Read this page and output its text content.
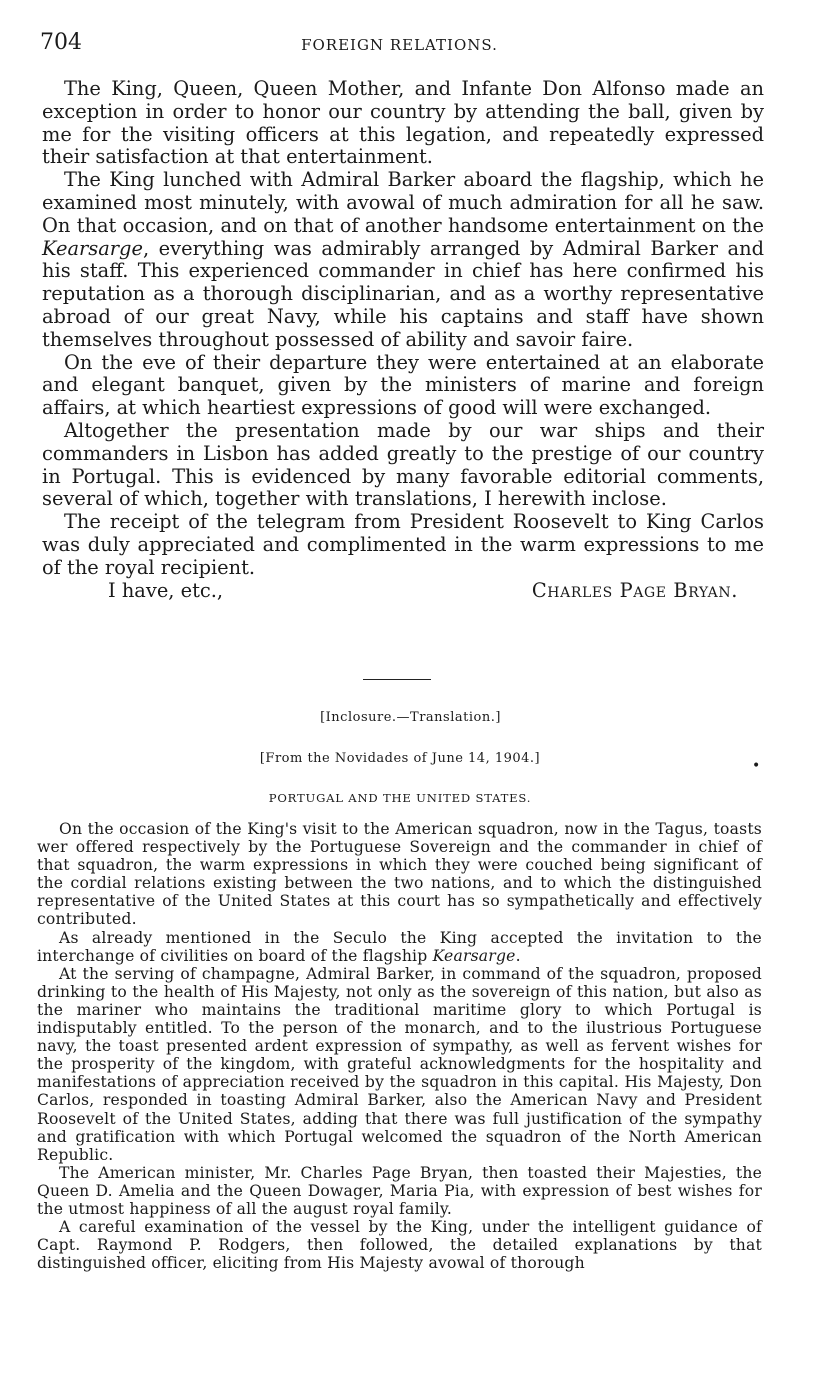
704	FOREIGN RELATIONS.

The King, Queen, Queen Mother, and Infante Don Alfonso made an exception in order to honor our country by attending the ball, given by me for the visiting officers at this legation, and repeatedly expressed their satisfaction at that entertainment.

The King lunched with Admiral Barker aboard the flagship, which he examined most minutely, with avowal of much admiration for all he saw. On that occasion, and on that of another handsome entertainment on the Kearsarge, everything was admirably arranged by Admiral Barker and his staff. This experienced commander in chief has here confirmed his reputation as a thorough disciplinarian, and as a worthy representative abroad of our great Navy, while his captains and staff have shown themselves throughout possessed of ability and savoir faire.

On the eve of their departure they were entertained at an elaborate and elegant banquet, given by the ministers of marine and foreign affairs, at which heartiest expressions of good will were exchanged.

Altogether the presentation made by our war ships and their commanders in Lisbon has added greatly to the prestige of our country in Portugal. This is evidenced by many favorable editorial comments, several of which, together with translations, I herewith inclose.

The receipt of the telegram from President Roosevelt to King Carlos was duly appreciated and complimented in the warm expressions to me of the royal recipient.

I have, etc.,	Charles Page Bryan.
[Inclosure.—Translation.]
[From the Novidades of June 14, 1904.]	•
PORTUGAL AND THE UNITED STATES.

On the occasion of the King's visit to the American squadron, now in the Tagus, toasts wer offered respectively by the Portuguese Sovereign and the commander in chief of that squadron, the warm expressions in which they were couched being significant of the cordial relations existing between the two nations, and to which the distinguished representative of the United States at this court has so sympathetically and effectively contributed.

As already mentioned in the Seculo the King accepted the invitation to the interchange of civilities on board of the flagship Kearsarge.

At the serving of champagne, Admiral Barker, in command of the squadron, proposed drinking to the health of His Majesty, not only as the sovereign of this nation, but also as the mariner who maintains the traditional maritime glory to which Portugal is indisputably entitled. To the person of the monarch, and to the ilustrious Portuguese navy, the toast presented ardent expression of sympathy, as well as fervent wishes for the prosperity of the kingdom, with grateful acknowledgments for the hospitality and manifestations of appreciation received by the squadron in this capital. His Majesty, Don Carlos, responded in toasting Admiral Barker, also the American Navy and President Roosevelt of the United States, adding that there was full justification of the sympathy and gratification with which Portugal welcomed the squadron of the North American Republic.

The American minister, Mr. Charles Page Bryan, then toasted their Majesties, the Queen D. Amelia and the Queen Dowager, Maria Pia, with expression of best wishes for the utmost happiness of all the august royal family.

A careful examination of the vessel by the King, under the intelligent guidance of Capt. Raymond P. Rodgers, then followed, the detailed explanations by that distinguished officer, eliciting from His Majesty avowal of thorough
